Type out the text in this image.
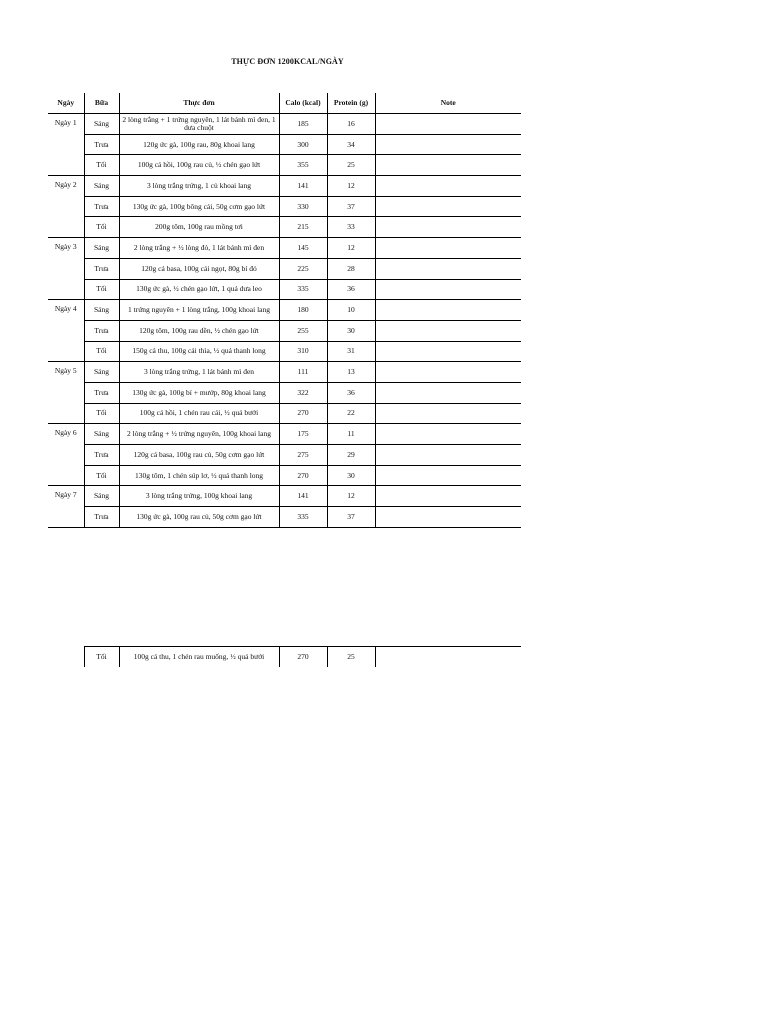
THỰC ĐƠN 1200KCAL/NGÀY
Ngày	Bữa	Thực đơn	Calo (kcal)	Protein (g)	Note
Ngày 1	Sáng	2 lòng trắng + 1 trứng nguyên, 1 lát bánh mì đen, 1 dưa chuột	185	16	
	Trưa	120g ức gà, 100g rau, 80g khoai lang	300	34	
	Tối	100g cá hồi, 100g rau củ, ½ chén gạo lứt	355	25	
Ngày 2	Sáng	3 lòng trắng trứng, 1 củ khoai lang	141	12	
	Trưa	130g ức gà, 100g bông cải, 50g cơm gạo lứt	330	37	
	Tối	200g tôm, 100g rau mồng tơi	215	33	
Ngày 3	Sáng	2 lòng trắng + ½ lòng đỏ, 1 lát bánh mì đen	145	12	
	Trưa	120g cá basa, 100g cải ngọt, 80g bí đỏ	225	28	
	Tối	130g ức gà, ½ chén gạo lứt, 1 quả dưa leo	335	36	
Ngày 4	Sáng	1 trứng nguyên + 1 lòng trắng, 100g khoai lang	180	10	
	Trưa	120g tôm, 100g rau dền, ½ chén gạo lứt	255	30	
	Tối	150g cá thu, 100g cải thìa, ½ quả thanh long	310	31	
Ngày 5	Sáng	3 lòng trắng trứng, 1 lát bánh mì đen	111	13	
	Trưa	130g ức gà, 100g bí + mướp, 80g khoai lang	322	36	
	Tối	100g cá hồi, 1 chén rau cải, ½ quả bưởi	270	22	
Ngày 6	Sáng	2 lòng trắng + ½ trứng nguyên, 100g khoai lang	175	11	
	Trưa	120g cá basa, 100g rau củ, 50g cơm gạo lứt	275	29	
	Tối	130g tôm, 1 chén súp lơ, ½ quả thanh long	270	30	
Ngày 7	Sáng	3 lòng trắng trứng, 100g khoai lang	141	12	
	Trưa	130g ức gà, 100g rau củ, 50g cơm gạo lứt	335	37	
	Tối	100g cá thu, 1 chén rau muống, ½ quả bưởi	270	25	
